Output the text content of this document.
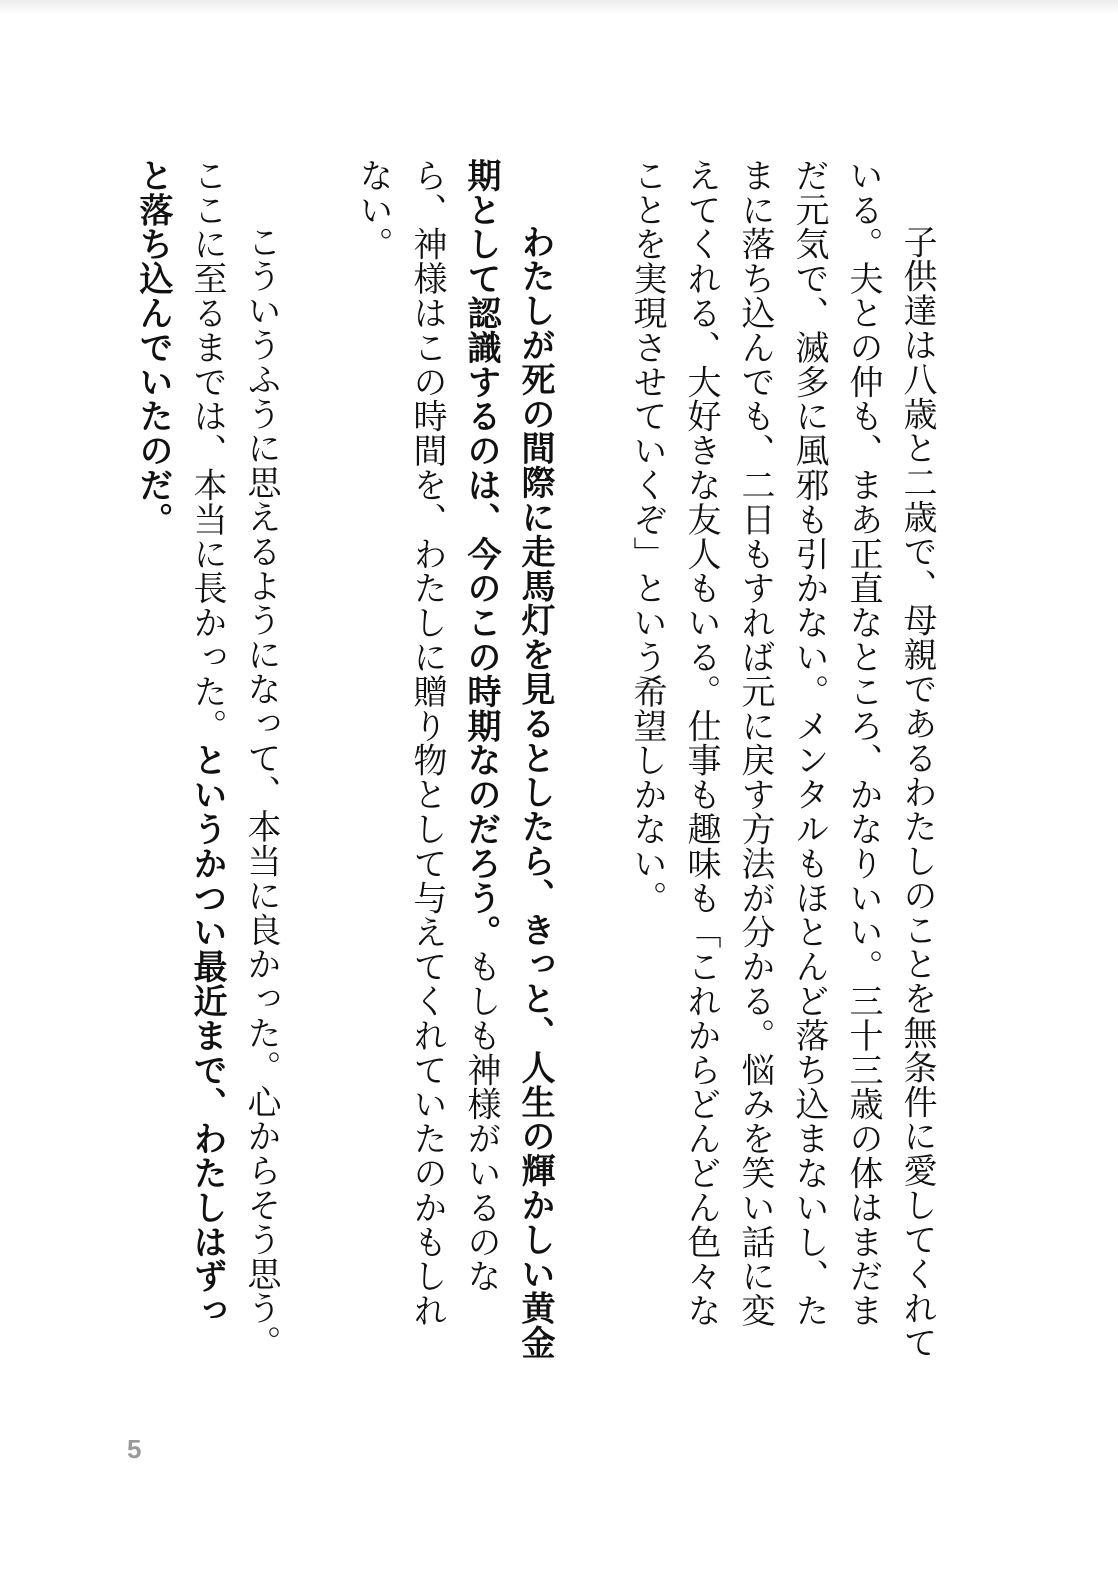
　子供達は八歳と二歳で、母親であるわたしのことを無条件に愛してくれて
いる。夫との仲も、まあ正直なところ、かなりいい。三十三歳の体はまだま
だ元気で、滅多に風邪も引かない。メンタルもほとんど落ち込まないし、た
まに落ち込んでも、二日もすれば元に戻す方法が分かる。悩みを笑い話に変
えてくれる、大好きな友人もいる。仕事も趣味も「これからどんどん色々な
ことを実現させていくぞ」という希望しかない。
　わたしが死の間際に走馬灯を見るとしたら、きっと、人生の輝かしい黄金
期として認識するのは、今のこの時期なのだろう。もしも神様がいるのな
ら、神様はこの時間を、わたしに贈り物として与えてくれていたのかもしれ
ない。
　こういうふうに思えるようになって、本当に良かった。心からそう思う。
ここに至るまでは、本当に長かった。というかつい最近まで、わたしはずっ
と落ち込んでいたのだ。
5
